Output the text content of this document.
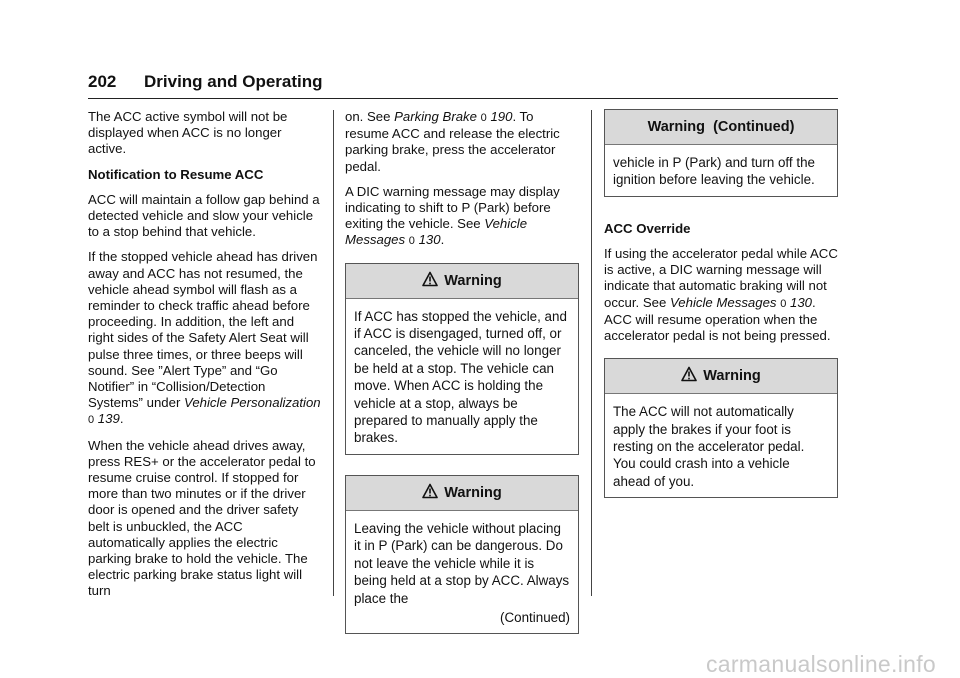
202 Driving and Operating

The ACC active symbol will not be displayed when ACC is no longer active.

Notification to Resume ACC

ACC will maintain a follow gap behind a detected vehicle and slow your vehicle to a stop behind that vehicle.

If the stopped vehicle ahead has driven away and ACC has not resumed, the vehicle ahead symbol will flash as a reminder to check traffic ahead before proceeding. In addition, the left and right sides of the Safety Alert Seat will pulse three times, or three beeps will sound. See ”Alert Type” and “Go Notifier” in “Collision/Detection Systems” under Vehicle Personalization 0 139.

When the vehicle ahead drives away, press RES+ or the accelerator pedal to resume cruise control. If stopped for more than two minutes or if the driver door is opened and the driver safety belt is unbuckled, the ACC automatically applies the electric parking brake to hold the vehicle. The electric parking brake status light will turn

on. See Parking Brake 0 190. To resume ACC and release the electric parking brake, press the accelerator pedal.

A DIC warning message may display indicating to shift to P (Park) before exiting the vehicle. See Vehicle Messages 0 130.

Warning
If ACC has stopped the vehicle, and if ACC is disengaged, turned off, or canceled, the vehicle will no longer be held at a stop. The vehicle can move. When ACC is holding the vehicle at a stop, always be prepared to manually apply the brakes.
Warning
Leaving the vehicle without placing it in P (Park) can be dangerous. Do not leave the vehicle while it is being held at a stop by ACC. Always place the
(Continued)
Warning  (Continued)
vehicle in P (Park) and turn off the ignition before leaving the vehicle.
ACC Override

If using the accelerator pedal while ACC is active, a DIC warning message will indicate that automatic braking will not occur. See Vehicle Messages 0 130. ACC will resume operation when the accelerator pedal is not being pressed.

Warning
The ACC will not automatically apply the brakes if your foot is resting on the accelerator pedal. You could crash into a vehicle ahead of you.
carmanualsonline.info
